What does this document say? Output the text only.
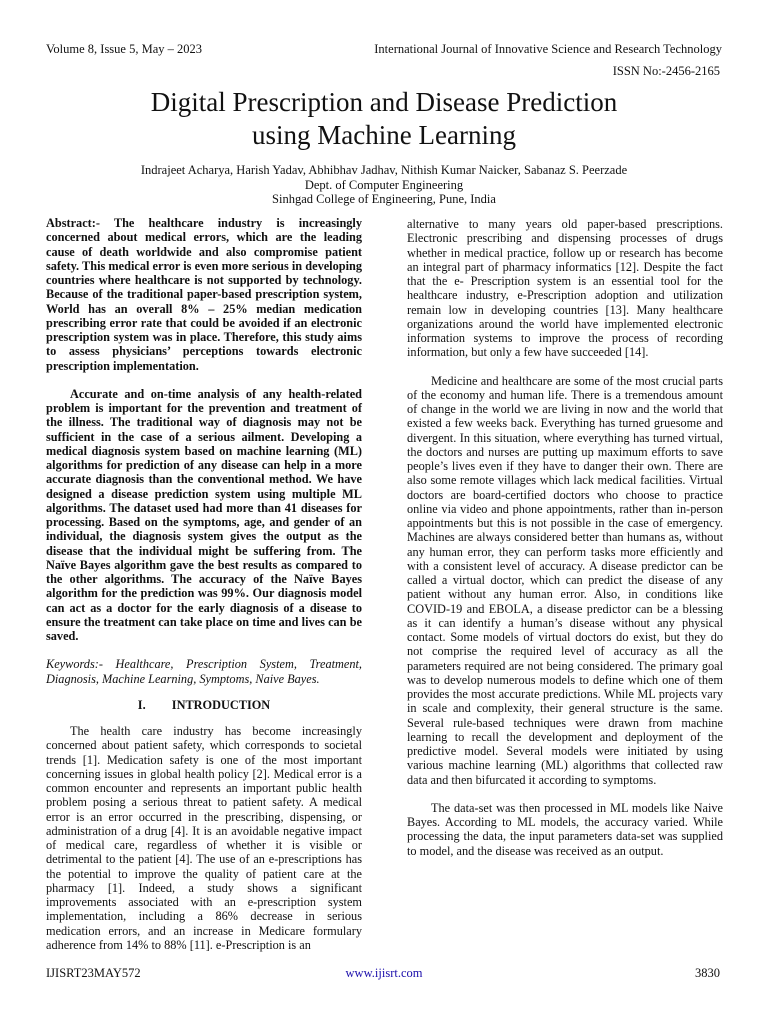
Volume 8, Issue 5, May – 2023	International Journal of Innovative Science and Research Technology
ISSN No:-2456-2165
Digital Prescription and Disease Prediction
using Machine Learning
Indrajeet Acharya, Harish Yadav, Abhibhav Jadhav, Nithish Kumar Naicker, Sabanaz S. Peerzade
Dept. of Computer Engineering
Sinhgad College of Engineering, Pune, India

Abstract:- The healthcare industry is increasingly concerned about medical errors, which are the leading cause of death worldwide and also compromise patient safety. This medical error is even more serious in developing countries where healthcare is not supported by technology. Because of the traditional paper-based prescription system, World has an overall 8% – 25% median medication prescribing error rate that could be avoided if an electronic prescription system was in place. Therefore, this study aims to assess physicians’ perceptions towards electronic prescription implementation.

Accurate and on-time analysis of any health-related problem is important for the prevention and treatment of the illness. The traditional way of diagnosis may not be sufficient in the case of a serious ailment. Developing a medical diagnosis system based on machine learning (ML) algorithms for prediction of any disease can help in a more accurate diagnosis than the conventional method. We have designed a disease prediction system using multiple ML algorithms. The dataset used had more than 41 diseases for processing. Based on the symptoms, age, and gender of an individual, the diagnosis system gives the output as the disease that the individual might be suffering from. The Naïve Bayes algorithm gave the best results as compared to the other algorithms. The accuracy of the Naïve Bayes algorithm for the prediction was 99%. Our diagnosis model can act as a doctor for the early diagnosis of a disease to ensure the treatment can take place on time and lives can be saved.

Keywords:- Healthcare, Prescription System, Treatment, Diagnosis, Machine Learning, Symptoms, Naive Bayes.

I. INTRODUCTION

The health care industry has become increasingly concerned about patient safety, which corresponds to societal trends [1]. Medication safety is one of the most important concerning issues in global health policy [2]. Medical error is a common encounter and represents an important public health problem posing a serious threat to patient safety. A medical error is an error occurred in the prescribing, dispensing, or administration of a drug [4]. It is an avoidable negative impact of medical care, regardless of whether it is visible or detrimental to the patient [4]. The use of an e-prescriptions has the potential to improve the quality of patient care at the pharmacy [1]. Indeed, a study shows a significant improvements associated with an e-prescription system implementation, including a 86% decrease in serious medication errors, and an increase in Medicare formulary adherence from 14% to 88% [11]. e-Prescription is an

alternative to many years old paper-based prescriptions. Electronic prescribing and dispensing processes of drugs whether in medical practice, follow up or research has become an integral part of pharmacy informatics [12]. Despite the fact that the e- Prescription system is an essential tool for the healthcare industry, e-Prescription adoption and utilization remain low in developing countries [13]. Many healthcare organizations around the world have implemented electronic information systems to improve the process of recording information, but only a few have succeeded [14].

Medicine and healthcare are some of the most crucial parts of the economy and human life. There is a tremendous amount of change in the world we are living in now and the world that existed a few weeks back. Everything has turned gruesome and divergent. In this situation, where everything has turned virtual, the doctors and nurses are putting up maximum efforts to save people’s lives even if they have to danger their own. There are also some remote villages which lack medical facilities. Virtual doctors are board-certified doctors who choose to practice online via video and phone appointments, rather than in-person appointments but this is not possible in the case of emergency. Machines are always considered better than humans as, without any human error, they can perform tasks more efficiently and with a consistent level of accuracy. A disease predictor can be called a virtual doctor, which can predict the disease of any patient without any human error. Also, in conditions like COVID-19 and EBOLA, a disease predictor can be a blessing as it can identify a human’s disease without any physical contact. Some models of virtual doctors do exist, but they do not comprise the required level of accuracy as all the parameters required are not being considered. The primary goal was to develop numerous models to define which one of them provides the most accurate predictions. While ML projects vary in scale and complexity, their general structure is the same. Several rule-based techniques were drawn from machine learning to recall the development and deployment of the predictive model. Several models were initiated by using various machine learning (ML) algorithms that collected raw data and then bifurcated it according to symptoms.

The data-set was then processed in ML models like Naive Bayes. According to ML models, the accuracy varied. While processing the data, the input parameters data-set was supplied to model, and the disease was received as an output.

IJISRT23MAY572	www.ijisrt.com	3830
